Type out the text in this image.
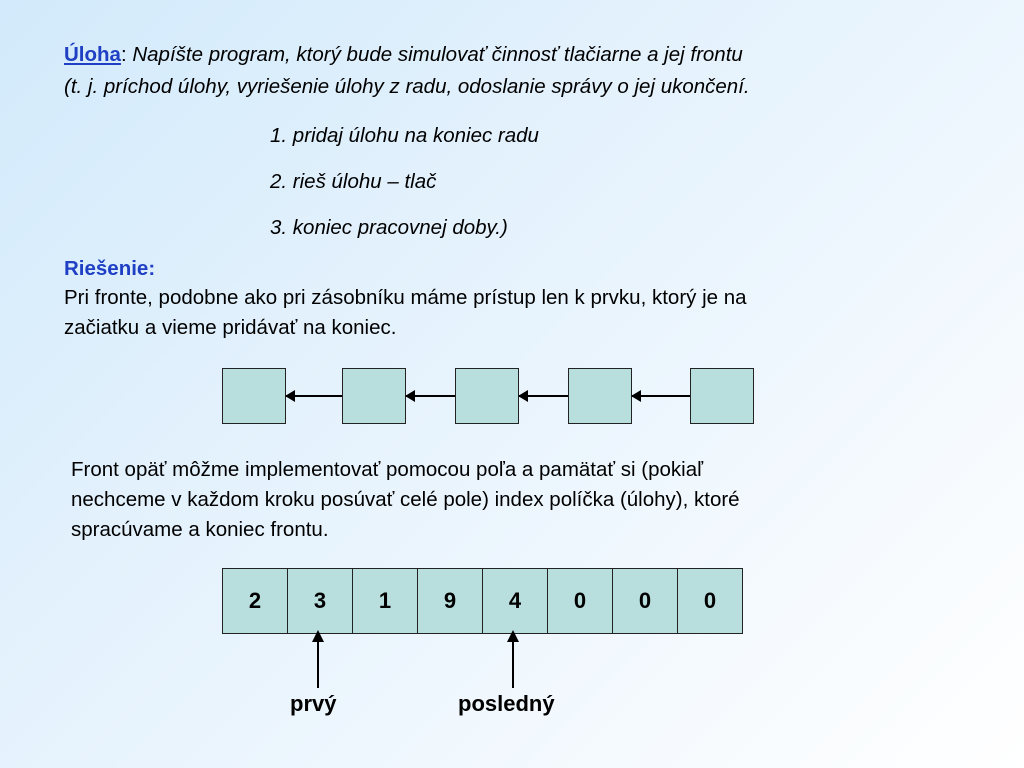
Úloha: Napíšte program, ktorý bude simulovať činnosť tlačiarne a jej frontu
(t. j. príchod úlohy, vyriešenie úlohy z radu, odoslanie správy o jej ukončení.
1. pridaj úlohu na koniec radu
2. rieš úlohu – tlač
3. koniec pracovnej doby.)
Riešenie:
Pri fronte, podobne ako pri zásobníku máme prístup len k prvku, ktorý je na
začiatku a vieme pridávať na koniec.
Front opäť môžme implementovať pomocou poľa a pamätať si (pokiaľ
nechceme v každom kroku posúvať celé pole) index políčka (úlohy), ktoré
spracúvame a koniec frontu.
2	3	1	9	4	0	0	0
prvý	posledný
